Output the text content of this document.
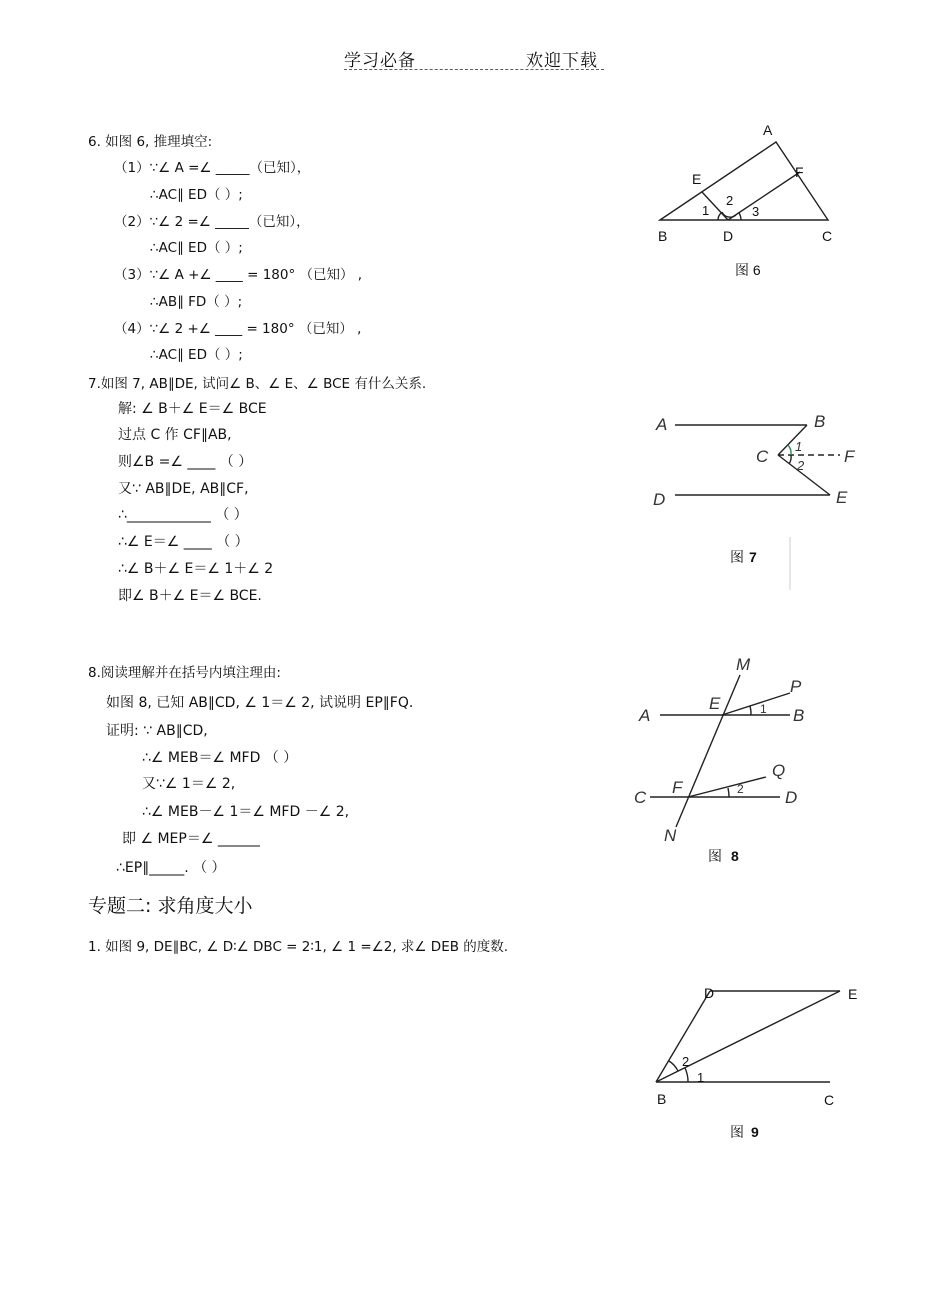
学习必备	欢迎下载
6. 如图 6, 推理填空:
（1）∵∠ A =∠ _____（已知），
∴AC∥ ED（ ）;
（2）∵∠ 2 =∠ _____（已知），
∴AC∥ ED（ ）;
（3）∵∠ A +∠ ____ = 180° （已知） ,
∴AB∥ FD（ ）;
（4）∵∠ 2 +∠ ____ = 180° （已知） ,
∴AC∥ ED（ ）;
7.如图 7, AB∥DE, 试问∠ B、∠ E、∠ BCE 有什么关系.
解: ∠ B＋∠ E＝∠ BCE
过点 C 作 CF∥AB,
则∠B =∠ ____ （ ）
又∵ AB∥DE, AB∥CF,
∴____________ （ ）
∴∠ E＝∠ ____ （ ）
∴∠ B＋∠ E＝∠ 1＋∠ 2
即∠ B＋∠ E＝∠ BCE.
8.阅读理解并在括号内填注理由:
如图 8, 已知 AB∥CD, ∠ 1＝∠ 2, 试说明 EP∥FQ.
证明: ∵ AB∥CD,
∴∠ MEB＝∠ MFD （ ）
又∵∠ 1＝∠ 2,
∴∠ MEB－∠ 1＝∠ MFD －∠ 2,
即 ∠ MEP＝∠ ______
∴EP∥_____. （ ）
专题二: 求角度大小
1. 如图 9, DE∥BC, ∠ D∶∠ DBC = 2∶1, ∠ 1 =∠2, 求∠ DEB 的度数.
A
E	F
B	D	C
1
2
3
图 6
A	B
C	F
D	E
1
2
图 7
M
P
A
E
B
Q
C
F
D
N
1
2
图 8
D	E
B	C
2
1
图 9
